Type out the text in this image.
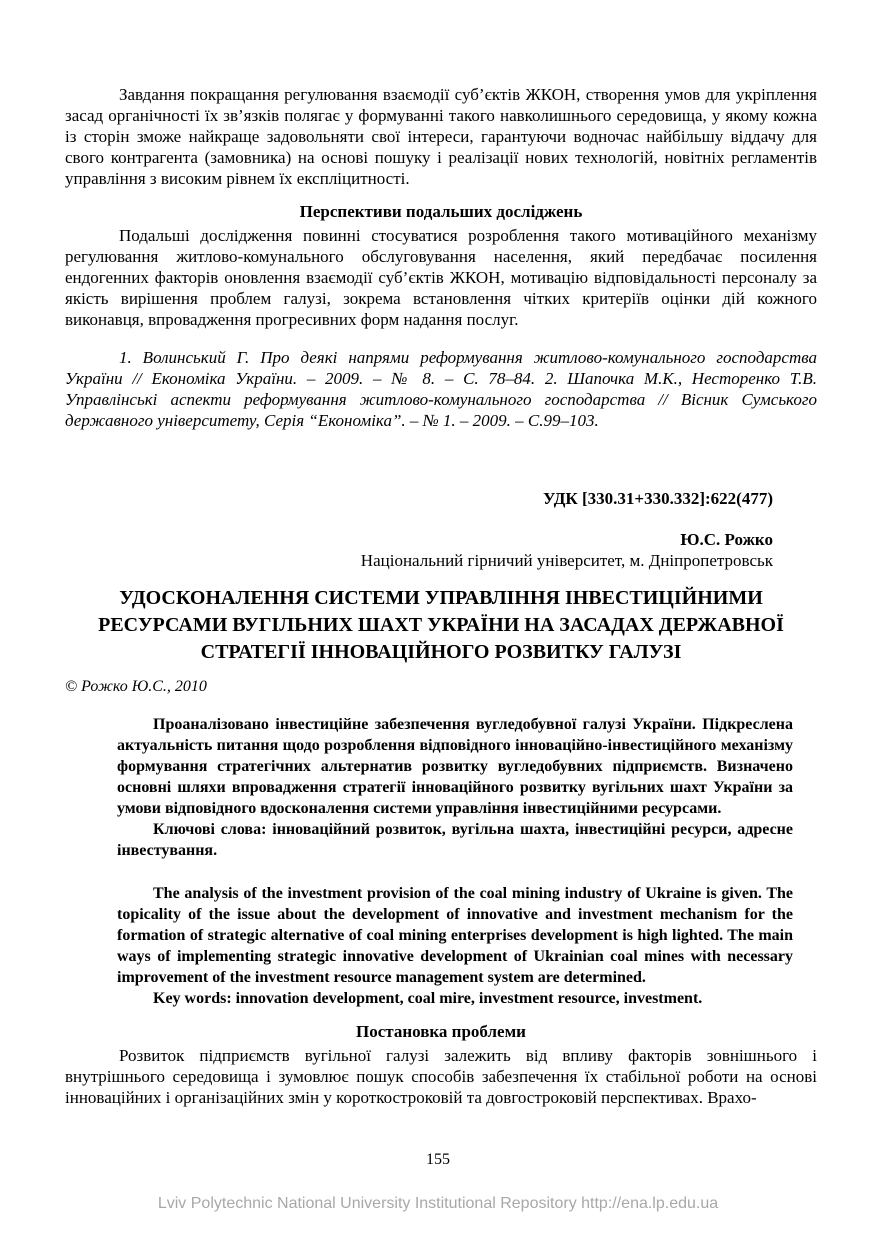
Завдання покращання регулювання взаємодії суб’єктів ЖКОН, створення умов для укріплення засад органічності їх зв’язків полягає у формуванні такого навколишнього середовища, у якому кожна із сторін зможе найкраще задовольняти свої інтереси, гарантуючи водночас найбільшу віддачу для свого контрагента (замовника) на основі пошуку і реалізації нових технологій, новітніх регламентів управління з високим рівнем їх експліцитності.

Перспективи подальших досліджень

Подальші дослідження повинні стосуватися розроблення такого мотиваційного механізму регулювання житлово-комунального обслуговування населення, який передбачає посилення ендогенних факторів оновлення взаємодії суб’єктів ЖКОН, мотивацію відповідальності персоналу за якість вирішення проблем галузі, зокрема встановлення чітких критеріїв оцінки дій кожного виконавця, впровадження прогресивних форм надання послуг.

1. Волинський Г. Про деякі напрями реформування житлово-комунального господарства України // Економіка України. – 2009. – № 8. – С. 78–84. 2. Шапочка М.К., Несторенко Т.В. Управлінські аспекти реформування житлово-комунального господарства // Вісник Сумського державного університету, Серія “Економіка”. – № 1. – 2009. – С.99–103.

УДК [330.31+330.332]:622(477)
Ю.С. Рожко
Національний гірничий університет, м. Дніпропетровськ
УДОСКОНАЛЕННЯ СИСТЕМИ УПРАВЛІННЯ ІНВЕСТИЦІЙНИМИ РЕСУРСАМИ ВУГІЛЬНИХ ШАХТ УКРАЇНИ НА ЗАСАДАХ ДЕРЖАВНОЇ СТРАТЕГІЇ ІННОВАЦІЙНОГО РОЗВИТКУ ГАЛУЗІ
© Рожко Ю.С., 2010

Проаналізовано інвестиційне забезпечення вугледобувної галузі України. Підкреслена актуальність питання щодо розроблення відповідного інноваційно-інвестиційного механізму формування стратегічних альтернатив розвитку вугледобувних підприємств. Визначено основні шляхи впровадження стратегії інноваційного розвитку вугільних шахт України за умови відповідного вдосконалення системи управління інвестиційними ресурсами.

Ключові слова: інноваційний розвиток, вугільна шахта, інвестиційні ресурси, адресне інвестування.

The analysis of the investment provision of the coal mining industry of Ukraine is given. The topicality of the issue about the development of innovative and investment mechanism for the formation of strategic alternative of coal mining enterprises development is high lighted. The main ways of implementing strategic innovative development of Ukrainian coal mines with necessary improvement of the investment resource management system are determined.

Key words: innovation development, coal mire, investment resource, investment.

Постановка проблеми

Розвиток підприємств вугільної галузі залежить від впливу факторів зовнішнього і внутрішнього середовища і зумовлює пошук способів забезпечення їх стабільної роботи на основі інноваційних і організаційних змін у короткостроковій та довгостроковій перспективах. Врахо-

155
Lviv Polytechnic National University Institutional Repository http://ena.lp.edu.ua
